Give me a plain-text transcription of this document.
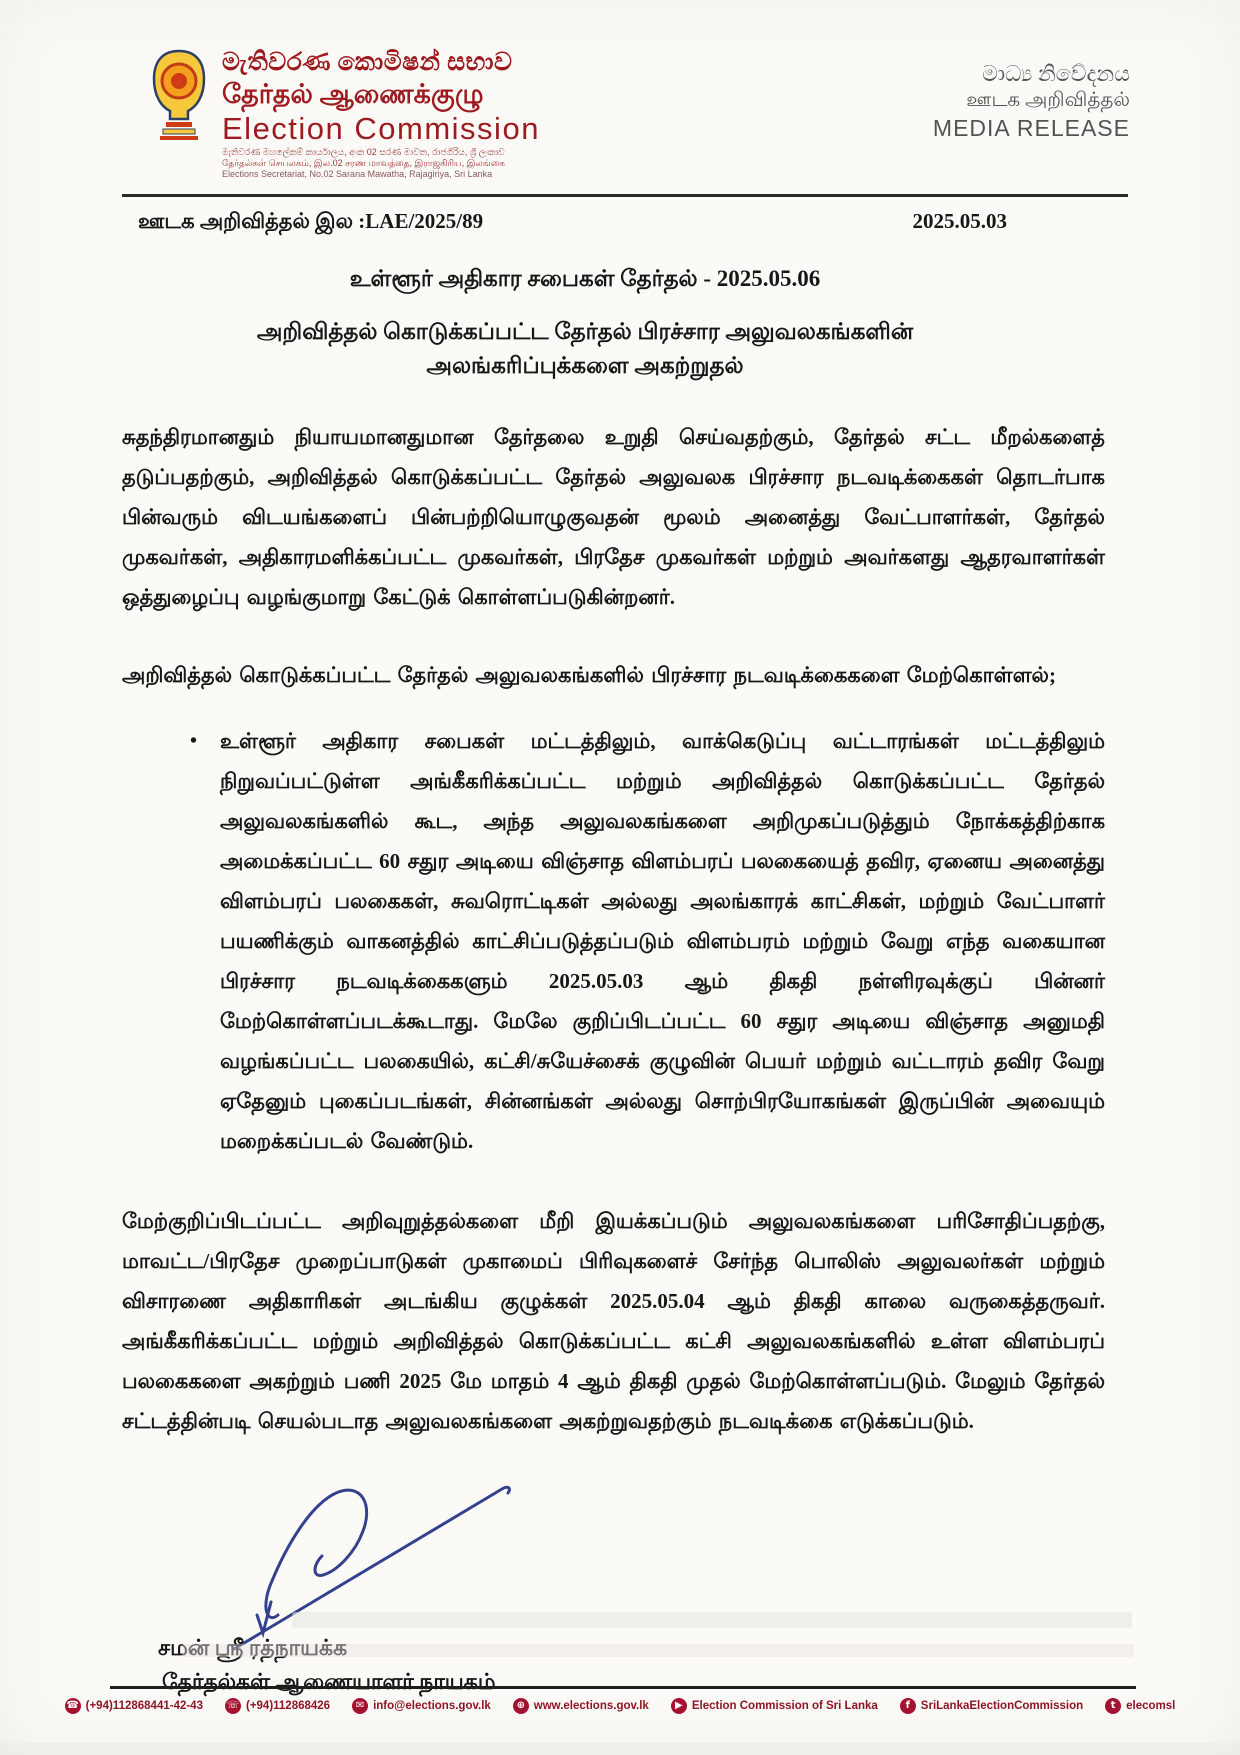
මැතිවරණ කොමිෂන් සභාව
தேர்தல் ஆணைக்குழு
Election Commission
මැතිවරණ මහලේකම් කාර්යාලය, අංක 02 සරණ මාවත, රාජගිරිය, ශ්‍රී ලංකාව
தேர்தல்கள் செயலகம், இல.02 சரண மாவத்தை, இராஜகிரிய, இலங்கை
Elections Secretariat, No.02 Sarana Mawatha, Rajagiriya, Sri Lanka
මාධ්‍ය නිවේදනය
ஊடக அறிவித்தல்
MEDIA RELEASE
ஊடக அறிவித்தல் இல :LAE/2025/89	2025.05.03
உள்ளூர் அதிகார சபைகள் தேர்தல் - 2025.05.06
அறிவித்தல் கொடுக்கப்பட்ட தேர்தல் பிரச்சார அலுவலகங்களின்
அலங்கரிப்புக்களை அகற்றுதல்

சுதந்திரமானதும் நியாயமானதுமான தேர்தலை உறுதி செய்வதற்கும், தேர்தல் சட்ட மீறல்களைத் தடுப்பதற்கும், அறிவித்தல் கொடுக்கப்பட்ட தேர்தல் அலுவலக பிரச்சார நடவடிக்கைகள் தொடர்பாக பின்வரும் விடயங்களைப் பின்பற்றியொழுகுவதன் மூலம் அனைத்து வேட்பாளர்கள், தேர்தல் முகவர்கள், அதிகாரமளிக்கப்பட்ட முகவர்கள், பிரதேச முகவர்கள் மற்றும் அவர்களது ஆதரவாளர்கள் ஒத்துழைப்பு வழங்குமாறு கேட்டுக் கொள்ளப்படுகின்றனர்.

அறிவித்தல் கொடுக்கப்பட்ட தேர்தல் அலுவலகங்களில் பிரச்சார நடவடிக்கைகளை மேற்கொள்ளல்;

•	உள்ளூர் அதிகார சபைகள் மட்டத்திலும், வாக்கெடுப்பு வட்டாரங்கள் மட்டத்திலும் நிறுவப்பட்டுள்ள அங்கீகரிக்கப்பட்ட மற்றும் அறிவித்தல் கொடுக்கப்பட்ட தேர்தல் அலுவலகங்களில் கூட, அந்த அலுவலகங்களை அறிமுகப்படுத்தும் நோக்கத்திற்காக அமைக்கப்பட்ட 60 சதுர அடியை விஞ்சாத விளம்பரப் பலகையைத் தவிர, ஏனைய அனைத்து விளம்பரப் பலகைகள், சுவரொட்டிகள் அல்லது அலங்காரக் காட்சிகள், மற்றும் வேட்பாளர் பயணிக்கும் வாகனத்தில் காட்சிப்படுத்தப்படும் விளம்பரம் மற்றும் வேறு எந்த வகையான பிரச்சார நடவடிக்கைகளும் 2025.05.03 ஆம் திகதி நள்ளிரவுக்குப் பின்னர் மேற்கொள்ளப்படக்கூடாது. மேலே குறிப்பிடப்பட்ட 60 சதுர அடியை விஞ்சாத அனுமதி வழங்கப்பட்ட பலகையில், கட்சி/சுயேச்சைக் குழுவின் பெயர் மற்றும் வட்டாரம் தவிர வேறு ஏதேனும் புகைப்படங்கள், சின்னங்கள் அல்லது சொற்பிரயோகங்கள் இருப்பின் அவையும் மறைக்கப்படல் வேண்டும்.

மேற்குறிப்பிடப்பட்ட அறிவுறுத்தல்களை மீறி இயக்கப்படும் அலுவலகங்களை பரிசோதிப்பதற்கு, மாவட்ட/பிரதேச முறைப்பாடுகள் முகாமைப் பிரிவுகளைச் சேர்ந்த பொலிஸ் அலுவலர்கள் மற்றும் விசாரணை அதிகாரிகள் அடங்கிய குழுக்கள் 2025.05.04 ஆம் திகதி காலை வருகைத்தருவர். அங்கீகரிக்கப்பட்ட மற்றும் அறிவித்தல் கொடுக்கப்பட்ட கட்சி அலுவலகங்களில் உள்ள விளம்பரப் பலகைகளை அகற்றும் பணி 2025 மே மாதம் 4 ஆம் திகதி முதல் மேற்கொள்ளப்படும். மேலும் தேர்தல் சட்டத்தின்படி செயல்படாத அலுவலகங்களை அகற்றுவதற்கும் நடவடிக்கை எடுக்கப்படும்.

சமன் ஸ்ரீ ரத்நாயக்க
தேர்தல்கள் ஆணையாளர் நாயகம்
☎ (+94)112868441-42-43 ☏ (+94)112868426	✉ info@elections.gov.lk	⊕ www.elections.gov.lk	▶ Election Commission of Sri Lanka	f SriLankaElectionCommission	t elecomsl
